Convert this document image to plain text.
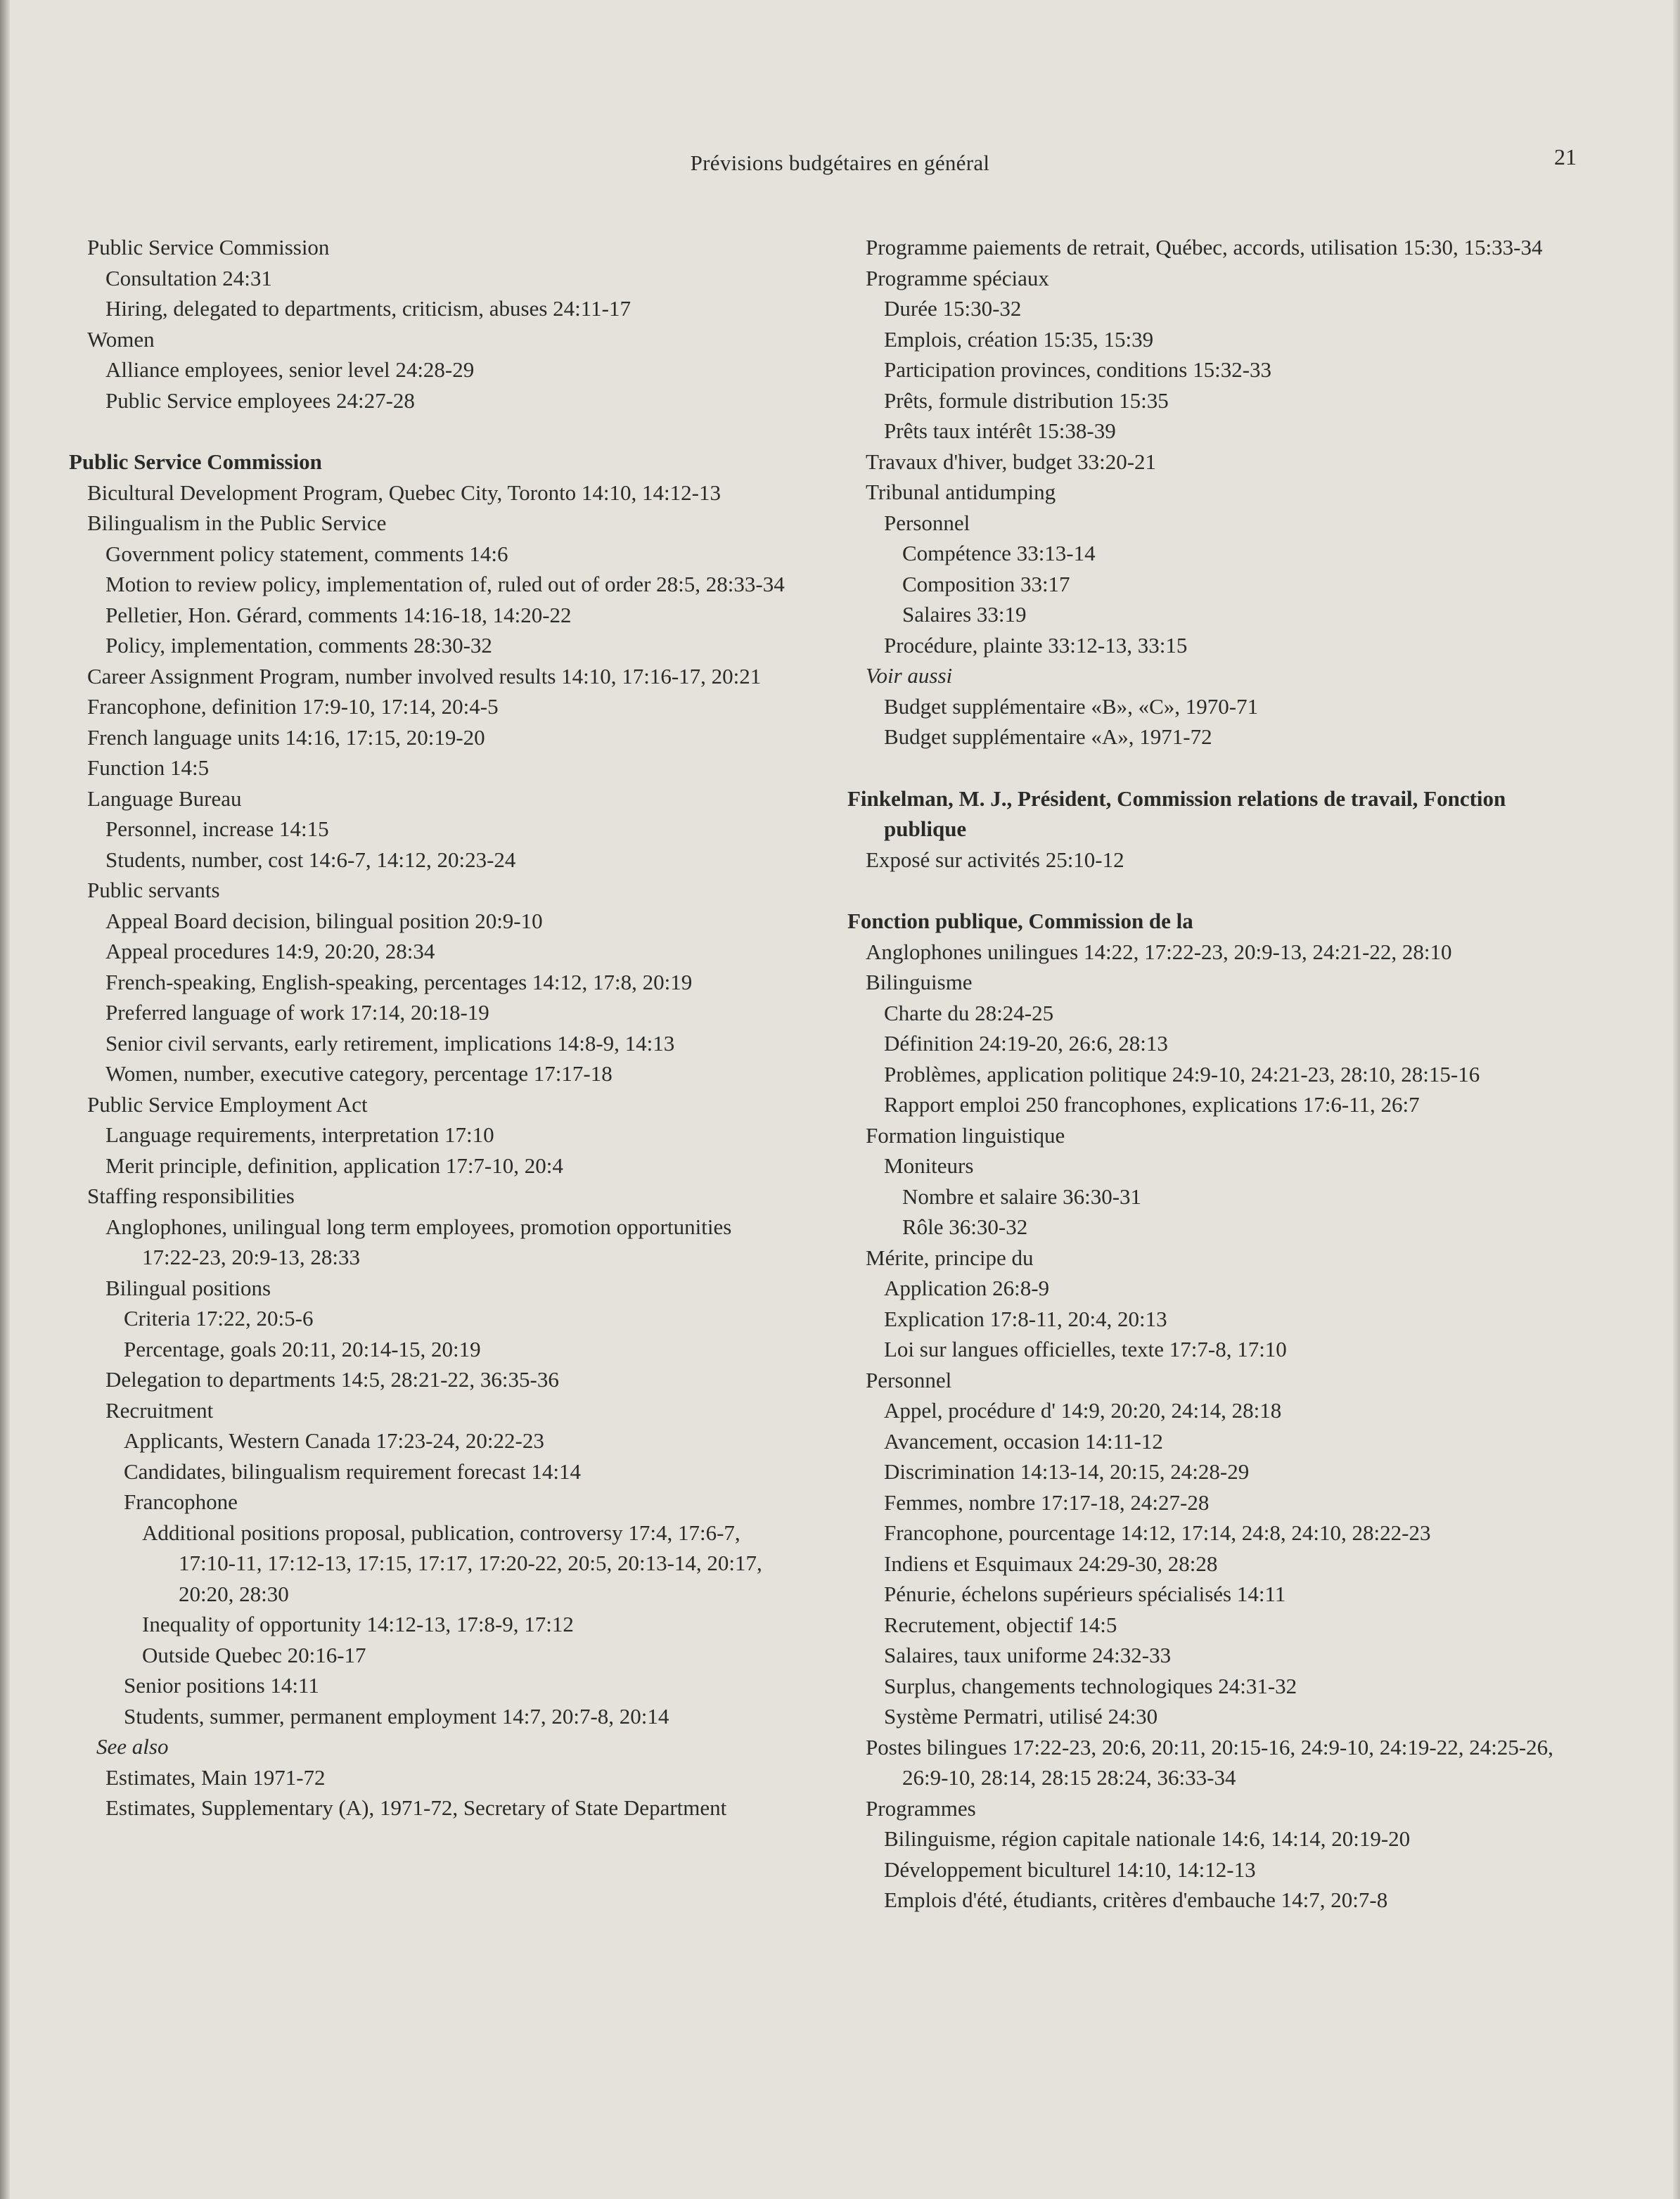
Prévisions budgétaires en général	21
Public Service Commission
Consultation 24:31
Hiring, delegated to departments, criticism, abuses 24:11-17
Women
Alliance employees, senior level 24:28-29
Public Service employees 24:27-28
Public Service Commission
Bicultural Development Program, Quebec City, Toronto 14:10, 14:12-13
Bilingualism in the Public Service
Government policy statement, comments 14:6
Motion to review policy, implementation of, ruled out of order 28:5, 28:33-34
Pelletier, Hon. Gérard, comments 14:16-18, 14:20-22
Policy, implementation, comments 28:30-32
Career Assignment Program, number involved results 14:10, 17:16-17, 20:21
Francophone, definition 17:9-10, 17:14, 20:4-5
French language units 14:16, 17:15, 20:19-20
Function 14:5
Language Bureau
Personnel, increase 14:15
Students, number, cost 14:6-7, 14:12, 20:23-24
Public servants
Appeal Board decision, bilingual position 20:9-10
Appeal procedures 14:9, 20:20, 28:34
French-speaking, English-speaking, percentages 14:12, 17:8, 20:19
Preferred language of work 17:14, 20:18-19
Senior civil servants, early retirement, implications 14:8-9, 14:13
Women, number, executive category, percentage 17:17-18
Public Service Employment Act
Language requirements, interpretation 17:10
Merit principle, definition, application 17:7-10, 20:4
Staffing responsibilities
Anglophones, unilingual long term employees, promotion opportunities 17:22-23, 20:9-13, 28:33
Bilingual positions
Criteria 17:22, 20:5-6
Percentage, goals 20:11, 20:14-15, 20:19
Delegation to departments 14:5, 28:21-22, 36:35-36
Recruitment
Applicants, Western Canada 17:23-24, 20:22-23
Candidates, bilingualism requirement forecast 14:14
Francophone
Additional positions proposal, publication, controversy 17:4, 17:6-7, 17:10-11, 17:12-13, 17:15, 17:17, 17:20-22, 20:5, 20:13-14, 20:17, 20:20, 28:30
Inequality of opportunity 14:12-13, 17:8-9, 17:12
Outside Quebec 20:16-17
Senior positions 14:11
Students, summer, permanent employment 14:7, 20:7-8, 20:14
See also
Estimates, Main 1971-72
Estimates, Supplementary (A), 1971-72, Secretary of State Department
Programme paiements de retrait, Québec, accords, utilisation 15:30, 15:33-34
Programme spéciaux
Durée 15:30-32
Emplois, création 15:35, 15:39
Participation provinces, conditions 15:32-33
Prêts, formule distribution 15:35
Prêts taux intérêt 15:38-39
Travaux d'hiver, budget 33:20-21
Tribunal antidumping
Personnel
Compétence 33:13-14
Composition 33:17
Salaires 33:19
Procédure, plainte 33:12-13, 33:15
Voir aussi
Budget supplémentaire «B», «C», 1970-71
Budget supplémentaire «A», 1971-72
Finkelman, M. J., Président, Commission relations de travail, Fonction publique
Exposé sur activités 25:10-12
Fonction publique, Commission de la
Anglophones unilingues 14:22, 17:22-23, 20:9-13, 24:21-22, 28:10
Bilinguisme
Charte du 28:24-25
Définition 24:19-20, 26:6, 28:13
Problèmes, application politique 24:9-10, 24:21-23, 28:10, 28:15-16
Rapport emploi 250 francophones, explications 17:6-11, 26:7
Formation linguistique
Moniteurs
Nombre et salaire 36:30-31
Rôle 36:30-32
Mérite, principe du
Application 26:8-9
Explication 17:8-11, 20:4, 20:13
Loi sur langues officielles, texte 17:7-8, 17:10
Personnel
Appel, procédure d' 14:9, 20:20, 24:14, 28:18
Avancement, occasion 14:11-12
Discrimination 14:13-14, 20:15, 24:28-29
Femmes, nombre 17:17-18, 24:27-28
Francophone, pourcentage 14:12, 17:14, 24:8, 24:10, 28:22-23
Indiens et Esquimaux 24:29-30, 28:28
Pénurie, échelons supérieurs spécialisés 14:11
Recrutement, objectif 14:5
Salaires, taux uniforme 24:32-33
Surplus, changements technologiques 24:31-32
Système Permatri, utilisé 24:30
Postes bilingues 17:22-23, 20:6, 20:11, 20:15-16, 24:9-10, 24:19-22, 24:25-26, 26:9-10, 28:14, 28:15 28:24, 36:33-34
Programmes
Bilinguisme, région capitale nationale 14:6, 14:14, 20:19-20
Développement biculturel 14:10, 14:12-13
Emplois d'été, étudiants, critères d'embauche 14:7, 20:7-8
